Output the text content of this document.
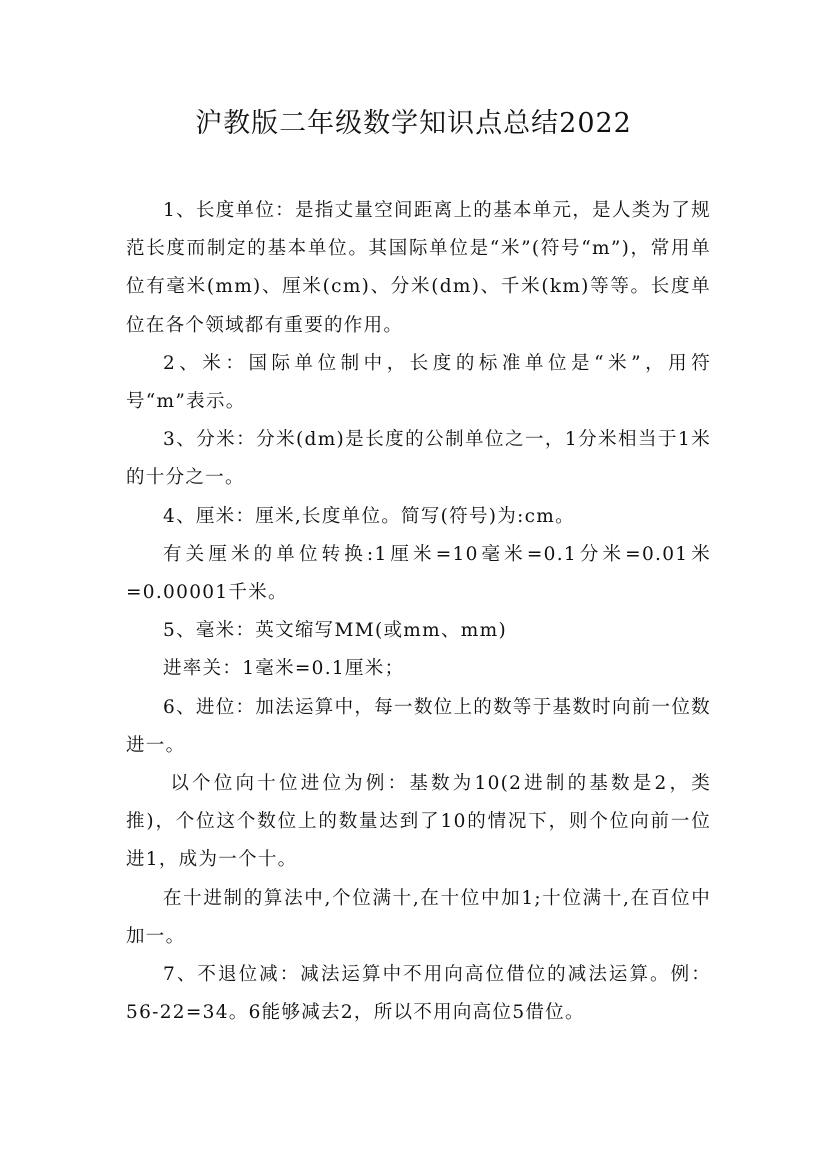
沪教版二年级数学知识点总结2022

1、长度单位：是指丈量空间距离上的基本单元，是人类为了规范长度而制定的基本单位。其国际单位是“米”(符号“m”)，常用单位有毫米(mm)、厘米(cm)、分米(dm)、千米(km)等等。长度单位在各个领域都有重要的作用。

2、米：国际单位制中，长度的标准单位是“米”，用符号“m”表示。

3、分米：分米(dm)是长度的公制单位之一，1分米相当于1米的十分之一。

4、厘米：厘米,长度单位。简写(符号)为:cm。

有关厘米的单位转换:1厘米=10毫米=0.1分米=0.01米=0.00001千米。

5、毫米：英文缩写MM(或mm、mm)

进率关：1毫米=0.1厘米；

6、进位：加法运算中，每一数位上的数等于基数时向前一位数进一。

以个位向十位进位为例：基数为10(2进制的基数是2，类推)，个位这个数位上的数量达到了10的情况下，则个位向前一位进1，成为一个十。

在十进制的算法中,个位满十,在十位中加1;十位满十,在百位中加一。

7、不退位减：减法运算中不用向高位借位的减法运算。例：56-22=34。6能够减去2，所以不用向高位5借位。
